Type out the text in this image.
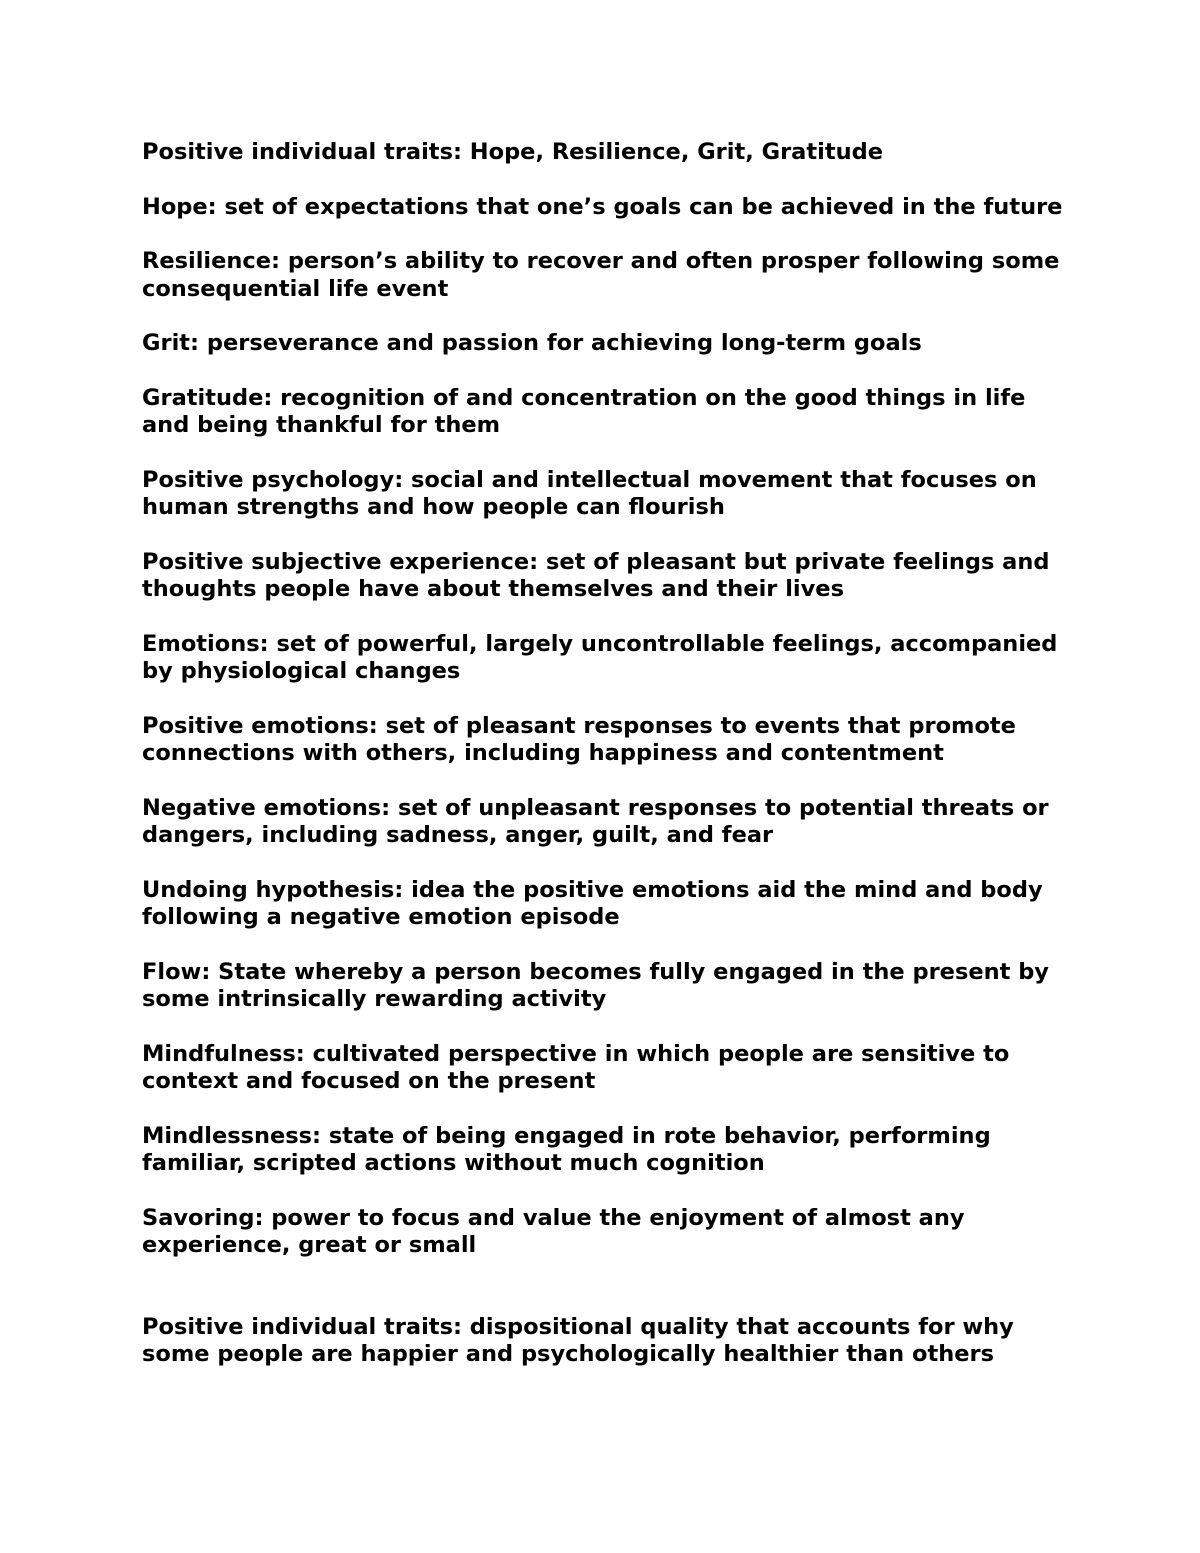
Positive individual traits: Hope, Resilience, Grit, Gratitude

Hope: set of expectations that one’s goals can be achieved in the future

Resilience: person’s ability to recover and often prosper following some consequential life event

Grit: perseverance and passion for achieving long-term goals

Gratitude: recognition of and concentration on the good things in life and being thankful for them

Positive psychology: social and intellectual movement that focuses on human strengths and how people can flourish

Positive subjective experience: set of pleasant but private feelings and thoughts people have about themselves and their lives

Emotions: set of powerful, largely uncontrollable feelings, accompanied by physiological changes

Positive emotions: set of pleasant responses to events that promote connections with others, including happiness and contentment

Negative emotions: set of unpleasant responses to potential threats or dangers, including sadness, anger, guilt, and fear

Undoing hypothesis: idea the positive emotions aid the mind and body following a negative emotion episode

Flow: State whereby a person becomes fully engaged in the present by some intrinsically rewarding activity

Mindfulness: cultivated perspective in which people are sensitive to context and focused on the present

Mindlessness: state of being engaged in rote behavior, performing familiar, scripted actions without much cognition

Savoring: power to focus and value the enjoyment of almost any experience, great or small

Positive individual traits: dispositional quality that accounts for why some people are happier and psychologically healthier than others
